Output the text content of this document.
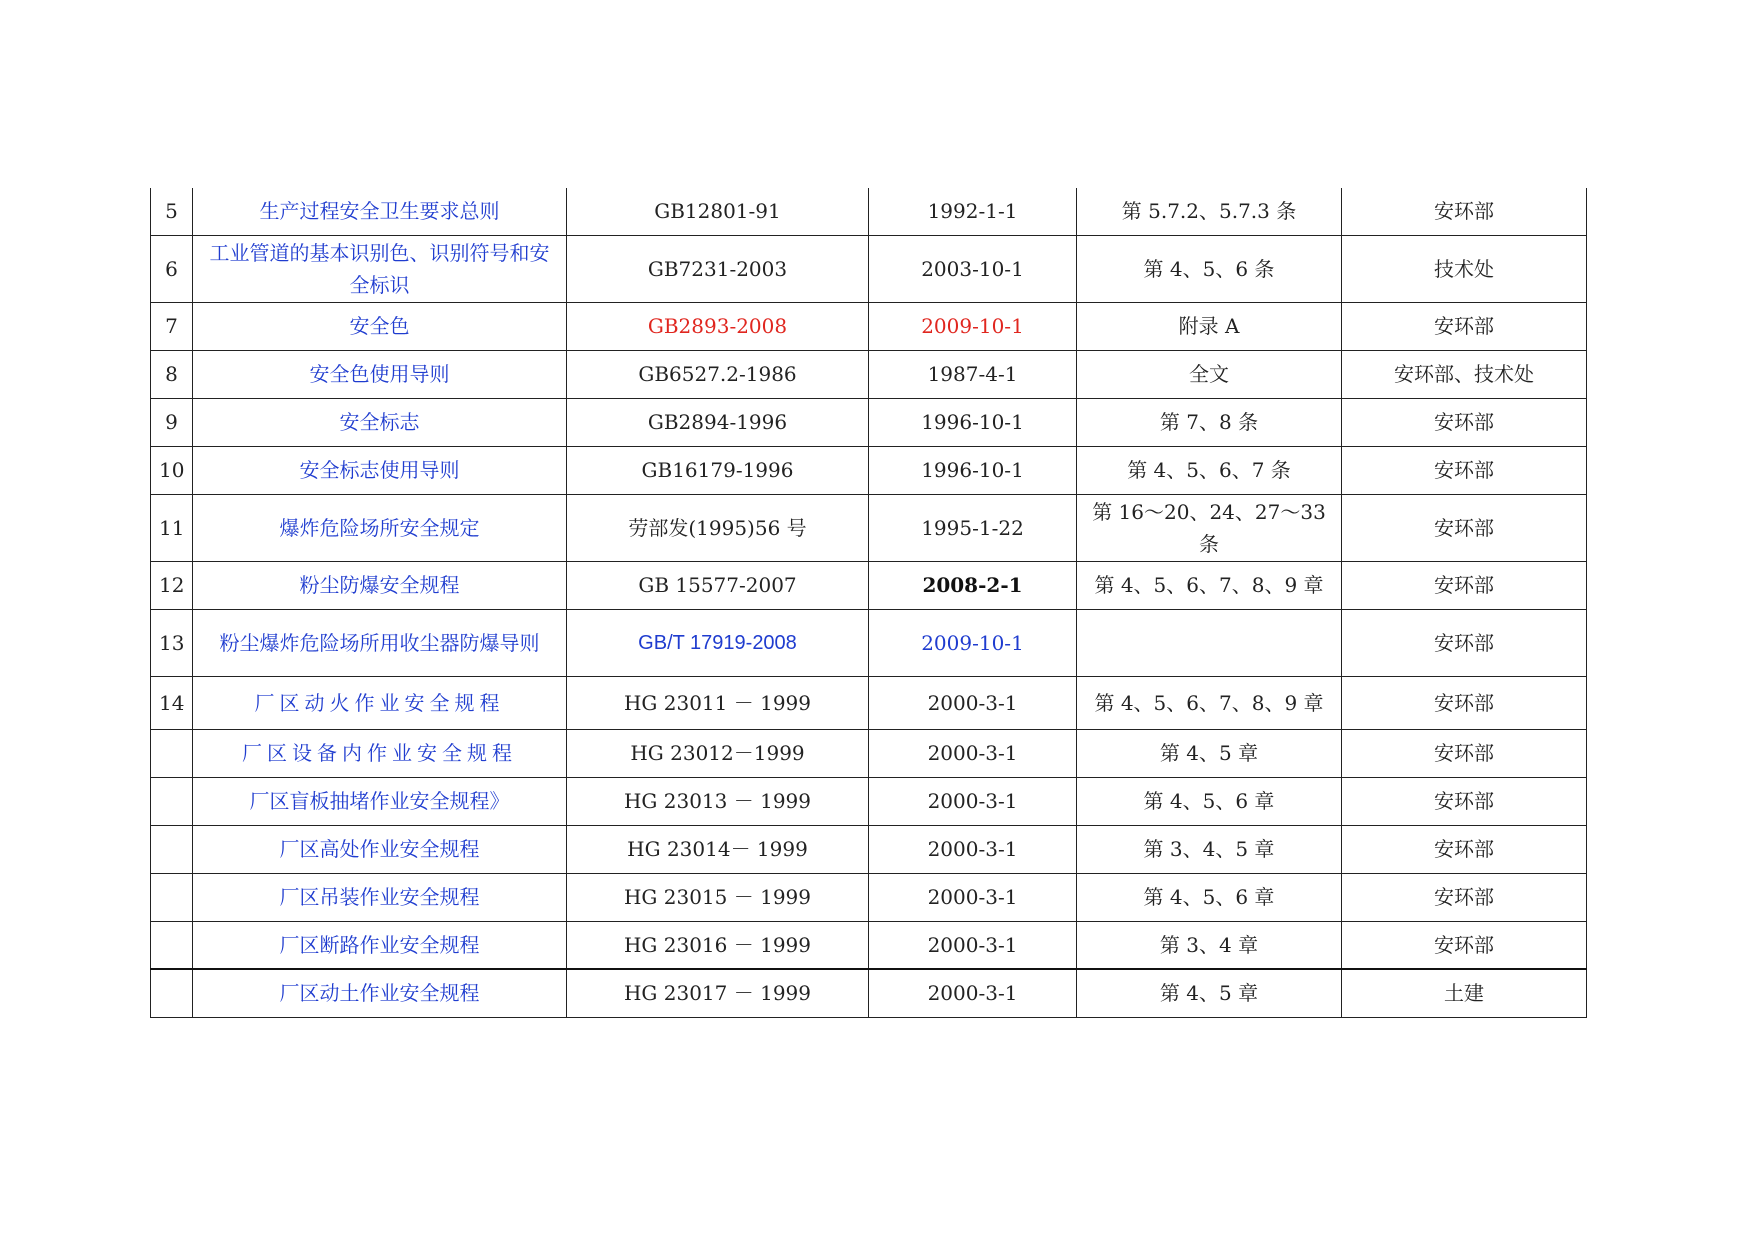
5	生产过程安全卫生要求总则	GB12801-91	1992-1-1	第 5.7.2、5.7.3 条	安环部
6	工业管道的基本识别色、识别符号和安全标识	GB7231-2003	2003-10-1	第 4、5、6 条	技术处
7	安全色	GB2893-2008	2009-10-1	附录 A	安环部
8	安全色使用导则	GB6527.2-1986	1987-4-1	全文	安环部、技术处
9	安全标志	GB2894-1996	1996-10-1	第 7、8 条	安环部
10	安全标志使用导则	GB16179-1996	1996-10-1	第 4、5、6、7 条	安环部
11	爆炸危险场所安全规定	劳部发(1995)56 号	1995-1-22	第 16～20、24、27～33 条	安环部
12	粉尘防爆安全规程	GB 15577-2007	2008-2-1	第 4、5、6、7、8、9 章	安环部
13	粉尘爆炸危险场所用收尘器防爆导则	GB/T 17919-2008	2009-10-1		安环部
14	厂区动火作业安全规程	HG 23011 － 1999	2000-3-1	第 4、5、6、7、8、9 章	安环部
	厂区设备内作业安全规程	HG 23012－1999	2000-3-1	第 4、5 章	安环部
	厂区盲板抽堵作业安全规程》	HG 23013 － 1999	2000-3-1	第 4、5、6 章	安环部
	厂区高处作业安全规程	HG 23014－ 1999	2000-3-1	第 3、4、5 章	安环部
	厂区吊装作业安全规程	HG 23015 － 1999	2000-3-1	第 4、5、6 章	安环部
	厂区断路作业安全规程	HG 23016 － 1999	2000-3-1	第 3、4 章	安环部
	厂区动土作业安全规程	HG 23017 － 1999	2000-3-1	第 4、5 章	土建
